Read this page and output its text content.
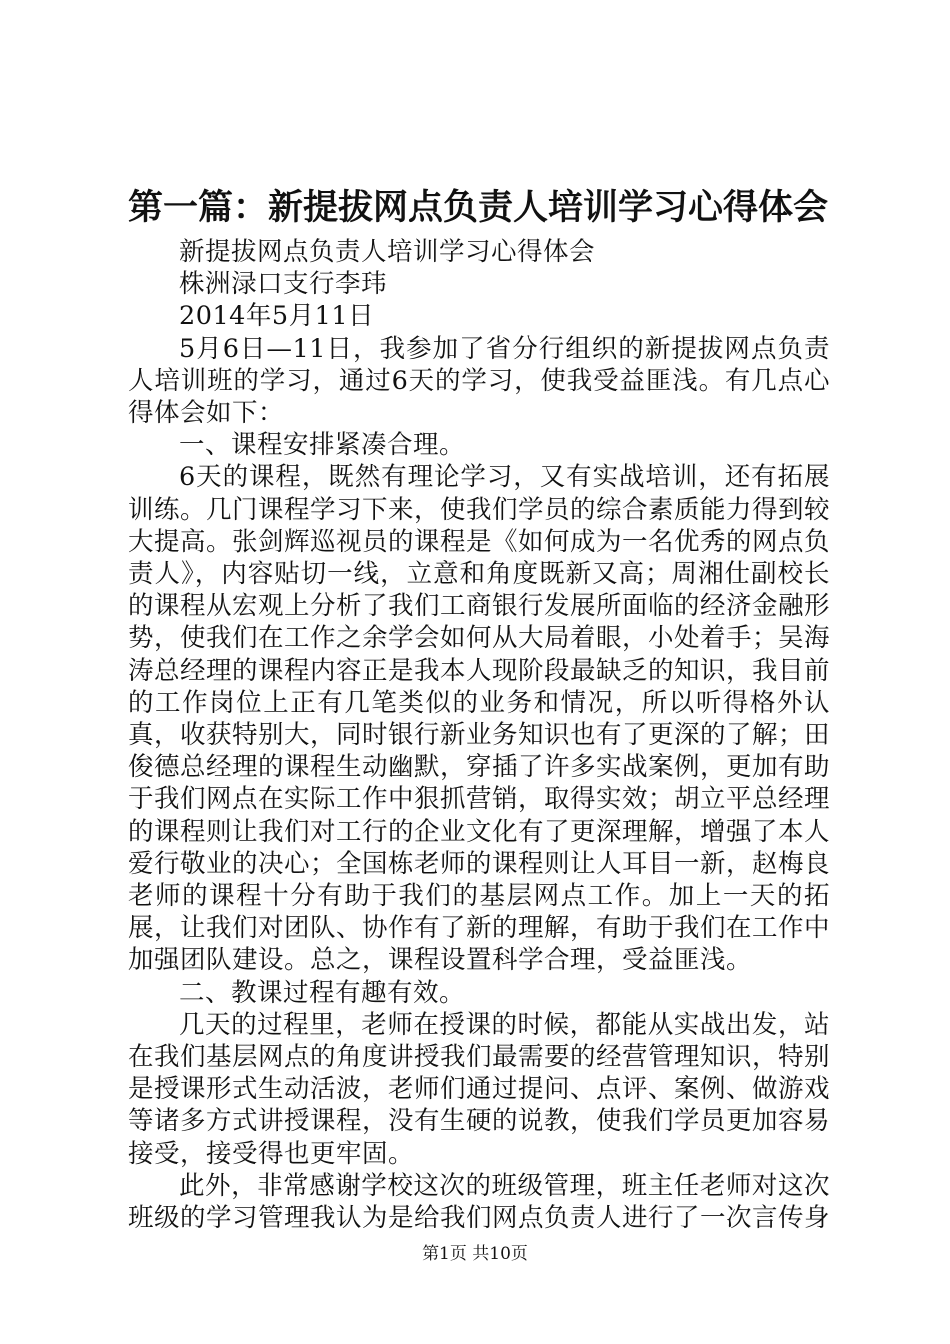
第一篇：新提拔网点负责人培训学习心得体会

新提拔网点负责人培训学习心得体会

株洲渌口支行李玮

2014年5月11日

5月6日—11日，我参加了省分行组织的新提拔网点负责人培训班的学习，通过6天的学习，使我受益匪浅。有几点心得体会如下：

一、课程安排紧凑合理。

6天的课程，既然有理论学习，又有实战培训，还有拓展训练。几门课程学习下来，使我们学员的综合素质能力得到较大提高。张剑辉巡视员的课程是《如何成为一名优秀的网点负责人》，内容贴切一线，立意和角度既新又高；周湘仕副校长的课程从宏观上分析了我们工商银行发展所面临的经济金融形势，使我们在工作之余学会如何从大局着眼，小处着手；吴海涛总经理的课程内容正是我本人现阶段最缺乏的知识，我目前的工作岗位上正有几笔类似的业务和情况，所以听得格外认真，收获特别大，同时银行新业务知识也有了更深的了解；田俊德总经理的课程生动幽默，穿插了许多实战案例，更加有助于我们网点在实际工作中狠抓营销，取得实效；胡立平总经理的课程则让我们对工行的企业文化有了更深理解，增强了本人爱行敬业的决心；全国栋老师的课程则让人耳目一新，赵梅良老师的课程十分有助于我们的基层网点工作。加上一天的拓展，让我们对团队、协作有了新的理解，有助于我们在工作中加强团队建设。总之，课程设置科学合理，受益匪浅。

二、教课过程有趣有效。

几天的过程里，老师在授课的时候，都能从实战出发，站在我们基层网点的角度讲授我们最需要的经营管理知识，特别是授课形式生动活波，老师们通过提问、点评、案例、做游戏等诸多方式讲授课程，没有生硬的说教，使我们学员更加容易接受，接受得也更牢固。

此外，非常感谢学校这次的班级管理，班主任老师对这次班级的学习管理我认为是给我们网点负责人进行了一次言传身

第1页 共10页
